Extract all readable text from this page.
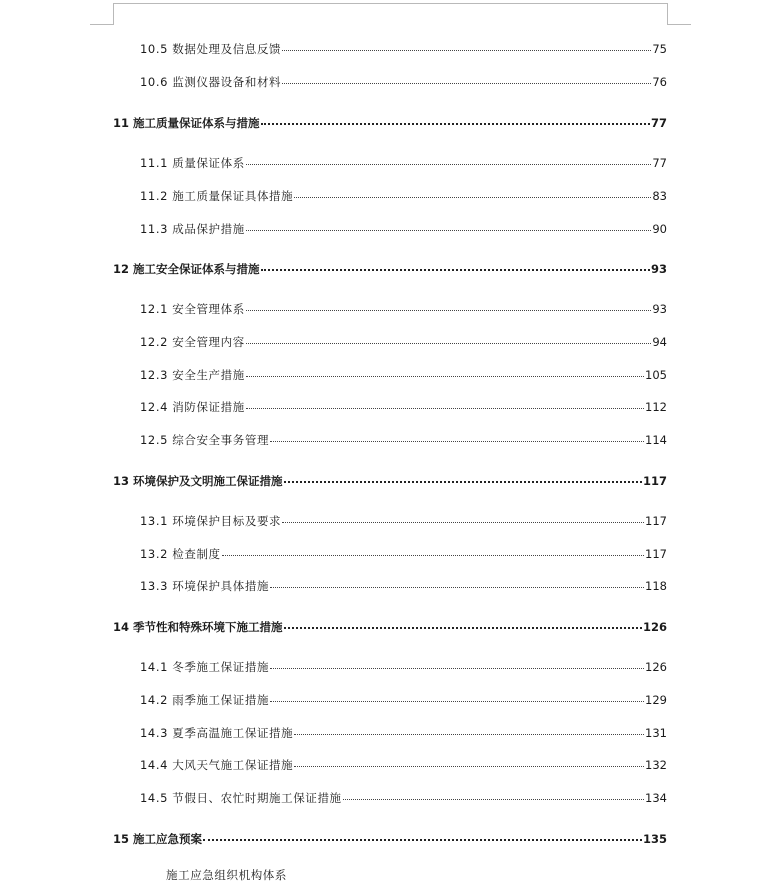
10.5 数据处理及信息反馈	75
10.6 监测仪器设备和材料	76
11 施工质量保证体系与措施	77
11.1 质量保证体系	77
11.2 施工质量保证具体措施	83
11.3 成品保护措施	90
12 施工安全保证体系与措施	93
12.1 安全管理体系	93
12.2 安全管理内容	94
12.3 安全生产措施	105
12.4 消防保证措施	112
12.5 综合安全事务管理	114
13 环境保护及文明施工保证措施	117
13.1 环境保护目标及要求	117
13.2 检查制度	117
13.3 环境保护具体措施	118
14 季节性和特殊环境下施工措施	126
14.1 冬季施工保证措施	126
14.2 雨季施工保证措施	129
14.3 夏季高温施工保证措施	131
14.4 大风天气施工保证措施	132
14.5 节假日、农忙时期施工保证措施	134
15 施工应急预案	135
施工应急组织机构体系
